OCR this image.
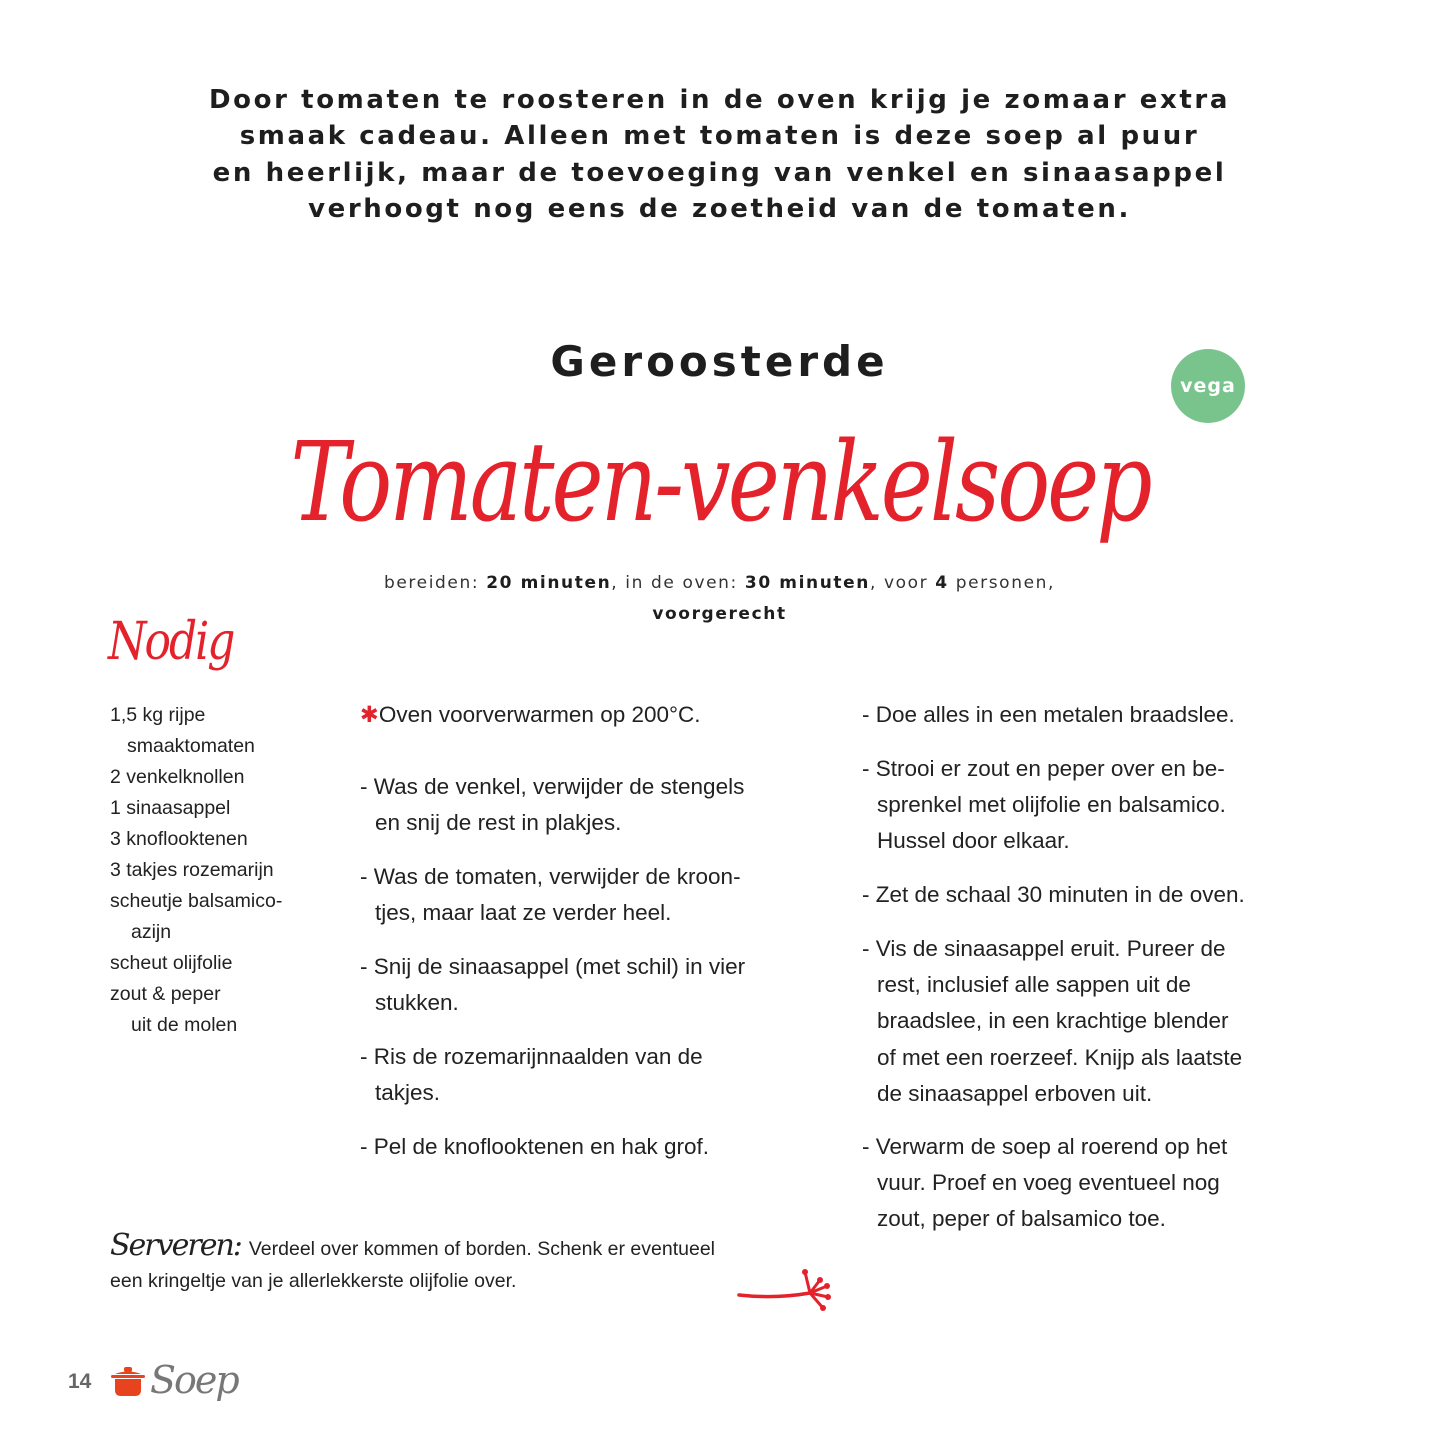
Door tomaten te roosteren in de oven krijg je zomaar extra
smaak cadeau. Alleen met tomaten is deze soep al puur
en heerlijk, maar de toevoeging van venkel en sinaasappel
verhoogt nog eens de zoetheid van de tomaten.
Geroosterde
Tomaten-venkelsoep
vega
bereiden: 20 minuten, in de oven: 30 minuten, voor 4 personen,
voorgerecht
Nodig
1,5 kg rijpe
smaaktomaten
2 venkelknollen
1 sinaasappel
3 knoflooktenen
3 takjes rozemarijn
scheutje balsamico-
azijn
scheut olijfolie
zout & peper
uit de molen
✱Oven voorverwarmen op 200°C.
- Was de venkel, verwijder de stengels
en snij de rest in plakjes.
- Was de tomaten, verwijder de kroon-
tjes, maar laat ze verder heel.
- Snij de sinaasappel (met schil) in vier
stukken.
- Ris de rozemarijnnaalden van de
takjes.
- Pel de knoflooktenen en hak grof.
- Doe alles in een metalen braadslee.
- Strooi er zout en peper over en be-
sprenkel met olijfolie en balsamico.
Hussel door elkaar.
- Zet de schaal 30 minuten in de oven.
- Vis de sinaasappel eruit. Pureer de
rest, inclusief alle sappen uit de
braadslee, in een krachtige blender
of met een roerzeef. Knijp als laatste
de sinaasappel erboven uit.
- Verwarm de soep al roerend op het
vuur. Proef en voeg eventueel nog
zout, peper of balsamico toe.
Serveren: Verdeel over kommen of borden. Schenk er eventueel
een kringeltje van je allerlekkerste olijfolie over.
14 Soep
